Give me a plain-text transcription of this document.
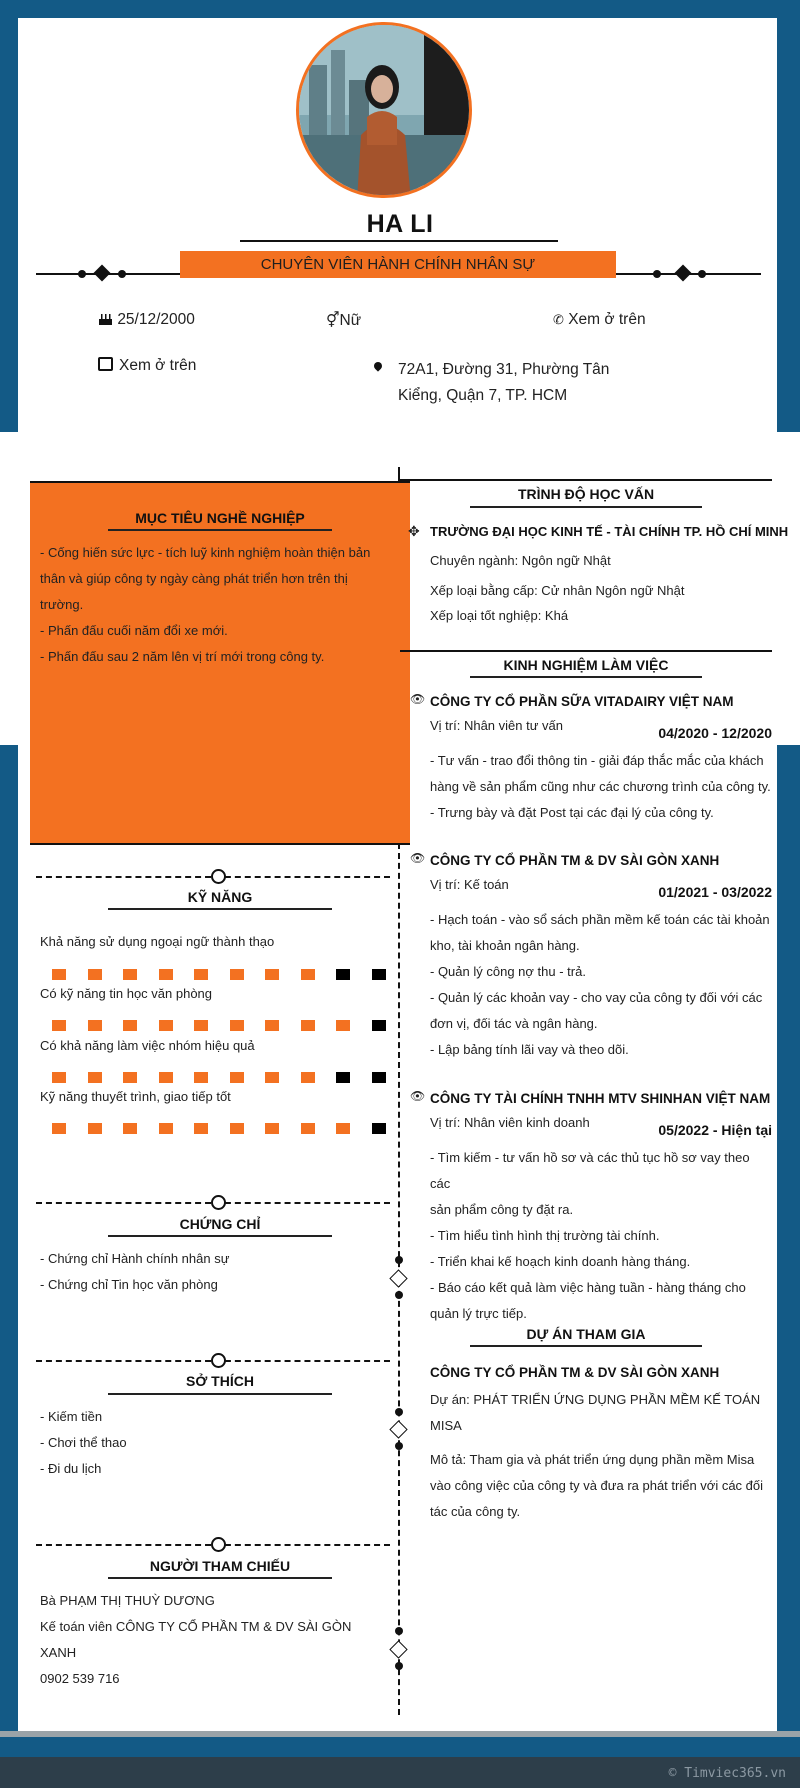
© Timviec365.vn
HA LI
CHUYÊN VIÊN HÀNH CHÍNH NHÂN SỰ
25/12/2000	⚥Nữ	✆ Xem ở trên
Xem ở trên	72A1, Đường 31, Phường Tân
Kiểng, Quận 7, TP. HCM
MỤC TIÊU NGHỀ NGHIỆP
- Cống hiến sức lực - tích luỹ kinh nghiệm hoàn thiện bản
thân và giúp công ty ngày càng phát triển hơn trên thị
trường.
- Phấn đấu cuối năm đổi xe mới.
- Phấn đấu sau 2 năm lên vị trí mới trong công ty.
KỸ NĂNG
Khả năng sử dụng ngoại ngữ thành thạo
Có kỹ năng tin học văn phòng
Có khả năng làm việc nhóm hiệu quả
Kỹ năng thuyết trình, giao tiếp tốt
CHỨNG CHỈ
- Chứng chỉ Hành chính nhân sự
- Chứng chỉ Tin học văn phòng
SỞ THÍCH
- Kiếm tiền
- Chơi thể thao
- Đi du lịch
NGƯỜI THAM CHIẾU
Bà PHẠM THỊ THUỲ DƯƠNG
Kế toán viên CÔNG TY CỔ PHẦN TM & DV SÀI GÒN
XANH
0902 539 716
TRÌNH ĐỘ HỌC VẤN
✥ TRƯỜNG ĐẠI HỌC KINH TẾ - TÀI CHÍNH TP. HỒ CHÍ MINH
Chuyên ngành: Ngôn ngữ Nhật
Xếp loại bằng cấp: Cử nhân Ngôn ngữ Nhật
Xếp loại tốt nghiệp: Khá
KINH NGHIỆM LÀM VIỆC
👁 CÔNG TY CỔ PHẦN SỮA VITADAIRY VIỆT NAM
Vị trí: Nhân viên tư vấn	04/2020 - 12/2020
- Tư vấn - trao đổi thông tin - giải đáp thắc mắc của khách
hàng về sản phẩm cũng như các chương trình của công ty.
- Trưng bày và đặt Post tại các đại lý của công ty.
👁 CÔNG TY CỔ PHẦN TM & DV SÀI GÒN XANH
Vị trí: Kế toán	01/2021 - 03/2022
- Hạch toán - vào sổ sách phần mềm kế toán các tài khoản
kho, tài khoản ngân hàng.
- Quản lý công nợ thu - trả.
- Quản lý các khoản vay - cho vay của công ty đối với các
đơn vị, đối tác và ngân hàng.
- Lập bảng tính lãi vay và theo dõi.
👁 CÔNG TY TÀI CHÍNH TNHH MTV SHINHAN VIỆT NAM
Vị trí: Nhân viên kinh doanh	05/2022 - Hiện tại
- Tìm kiếm - tư vấn hồ sơ và các thủ tục hồ sơ vay theo các
sản phẩm công ty đặt ra.
- Tìm hiểu tình hình thị trường tài chính.
- Triển khai kế hoạch kinh doanh hàng tháng.
- Báo cáo kết quả làm việc hàng tuần - hàng tháng cho
quản lý trực tiếp.
DỰ ÁN THAM GIA
CÔNG TY CỔ PHẦN TM & DV SÀI GÒN XANH
Dự án: PHÁT TRIỂN ỨNG DỤNG PHẦN MỀM KẾ TOÁN
MISA
Mô tả: Tham gia và phát triển ứng dụng phần mềm Misa
vào công việc của công ty và đưa ra phát triển với các đối
tác của công ty.
